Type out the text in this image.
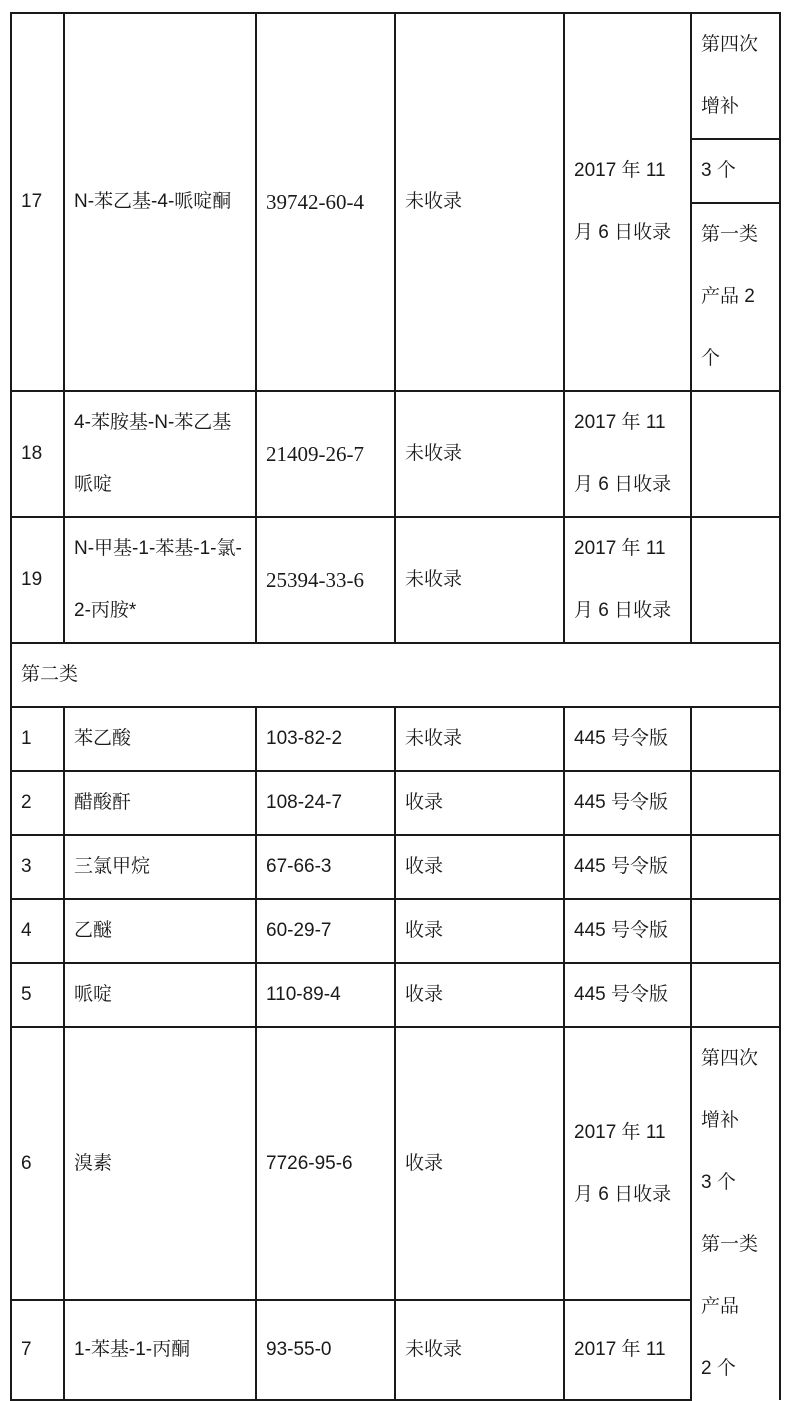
17	N-苯乙基-4-哌啶酮	39742-60-4	未收录	2017 年 11 月 6 日收录	第四次增补
					3 个
					第一类产品 2 个
18	4-苯胺基-N-苯乙基哌啶	21409-26-7	未收录	2017 年 11 月 6 日收录	
19	N-甲基-1-苯基-1-氯-2-丙胺*	25394-33-6	未收录	2017 年 11 月 6 日收录	
第二类					
1	苯乙酸	103-82-2	未收录	445 号令版	
2	醋酸酐	108-24-7	收录	445 号令版	
3	三氯甲烷	67-66-3	收录	445 号令版	
4	乙醚	60-29-7	收录	445 号令版	
5	哌啶	110-89-4	收录	445 号令版	
6	溴素	7726-95-6	收录	2017 年 11 月 6 日收录	第四次增补
3 个
第一类产品
2 个

7	1-苯基-1-丙酮	93-55-0	未收录	2017 年 11	
